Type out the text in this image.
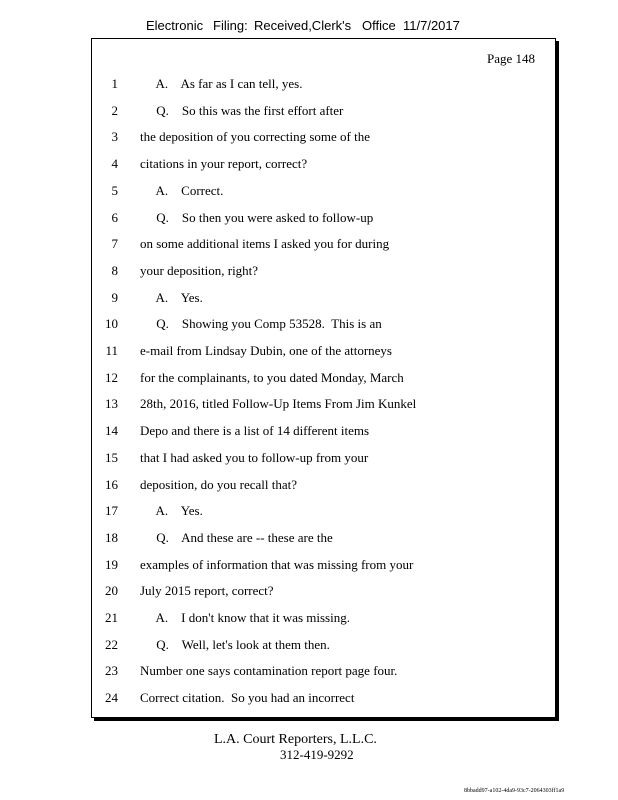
Electronic Filing: Received,Clerk's Office 11/7/2017
Page 148
1 A.    As far as I can tell, yes.
2 Q.    So this was the first effort after
3 the deposition of you correcting some of the
4 citations in your report, correct?
5 A.    Correct.
6 Q.    So then you were asked to follow-up
7 on some additional items I asked you for during
8 your deposition, right?
9 A.    Yes.
10 Q.    Showing you Comp 53528.  This is an
11 e-mail from Lindsay Dubin, one of the attorneys
12 for the complainants, to you dated Monday, March
13 28th, 2016, titled Follow-Up Items From Jim Kunkel
14 Depo and there is a list of 14 different items
15 that I had asked you to follow-up from your
16 deposition, do you recall that?
17 A.    Yes.
18 Q.    And these are -- these are the
19 examples of information that was missing from your
20 July 2015 report, correct?
21 A.    I don't know that it was missing.
22 Q.    Well, let's look at them then.
23 Number one says contamination report page four.
24 Correct citation.  So you had an incorrect
L.A. Court Reporters, L.L.C.
312-419-9292
8bbadd97-a102-4da9-93c7-2064303ff1a9
